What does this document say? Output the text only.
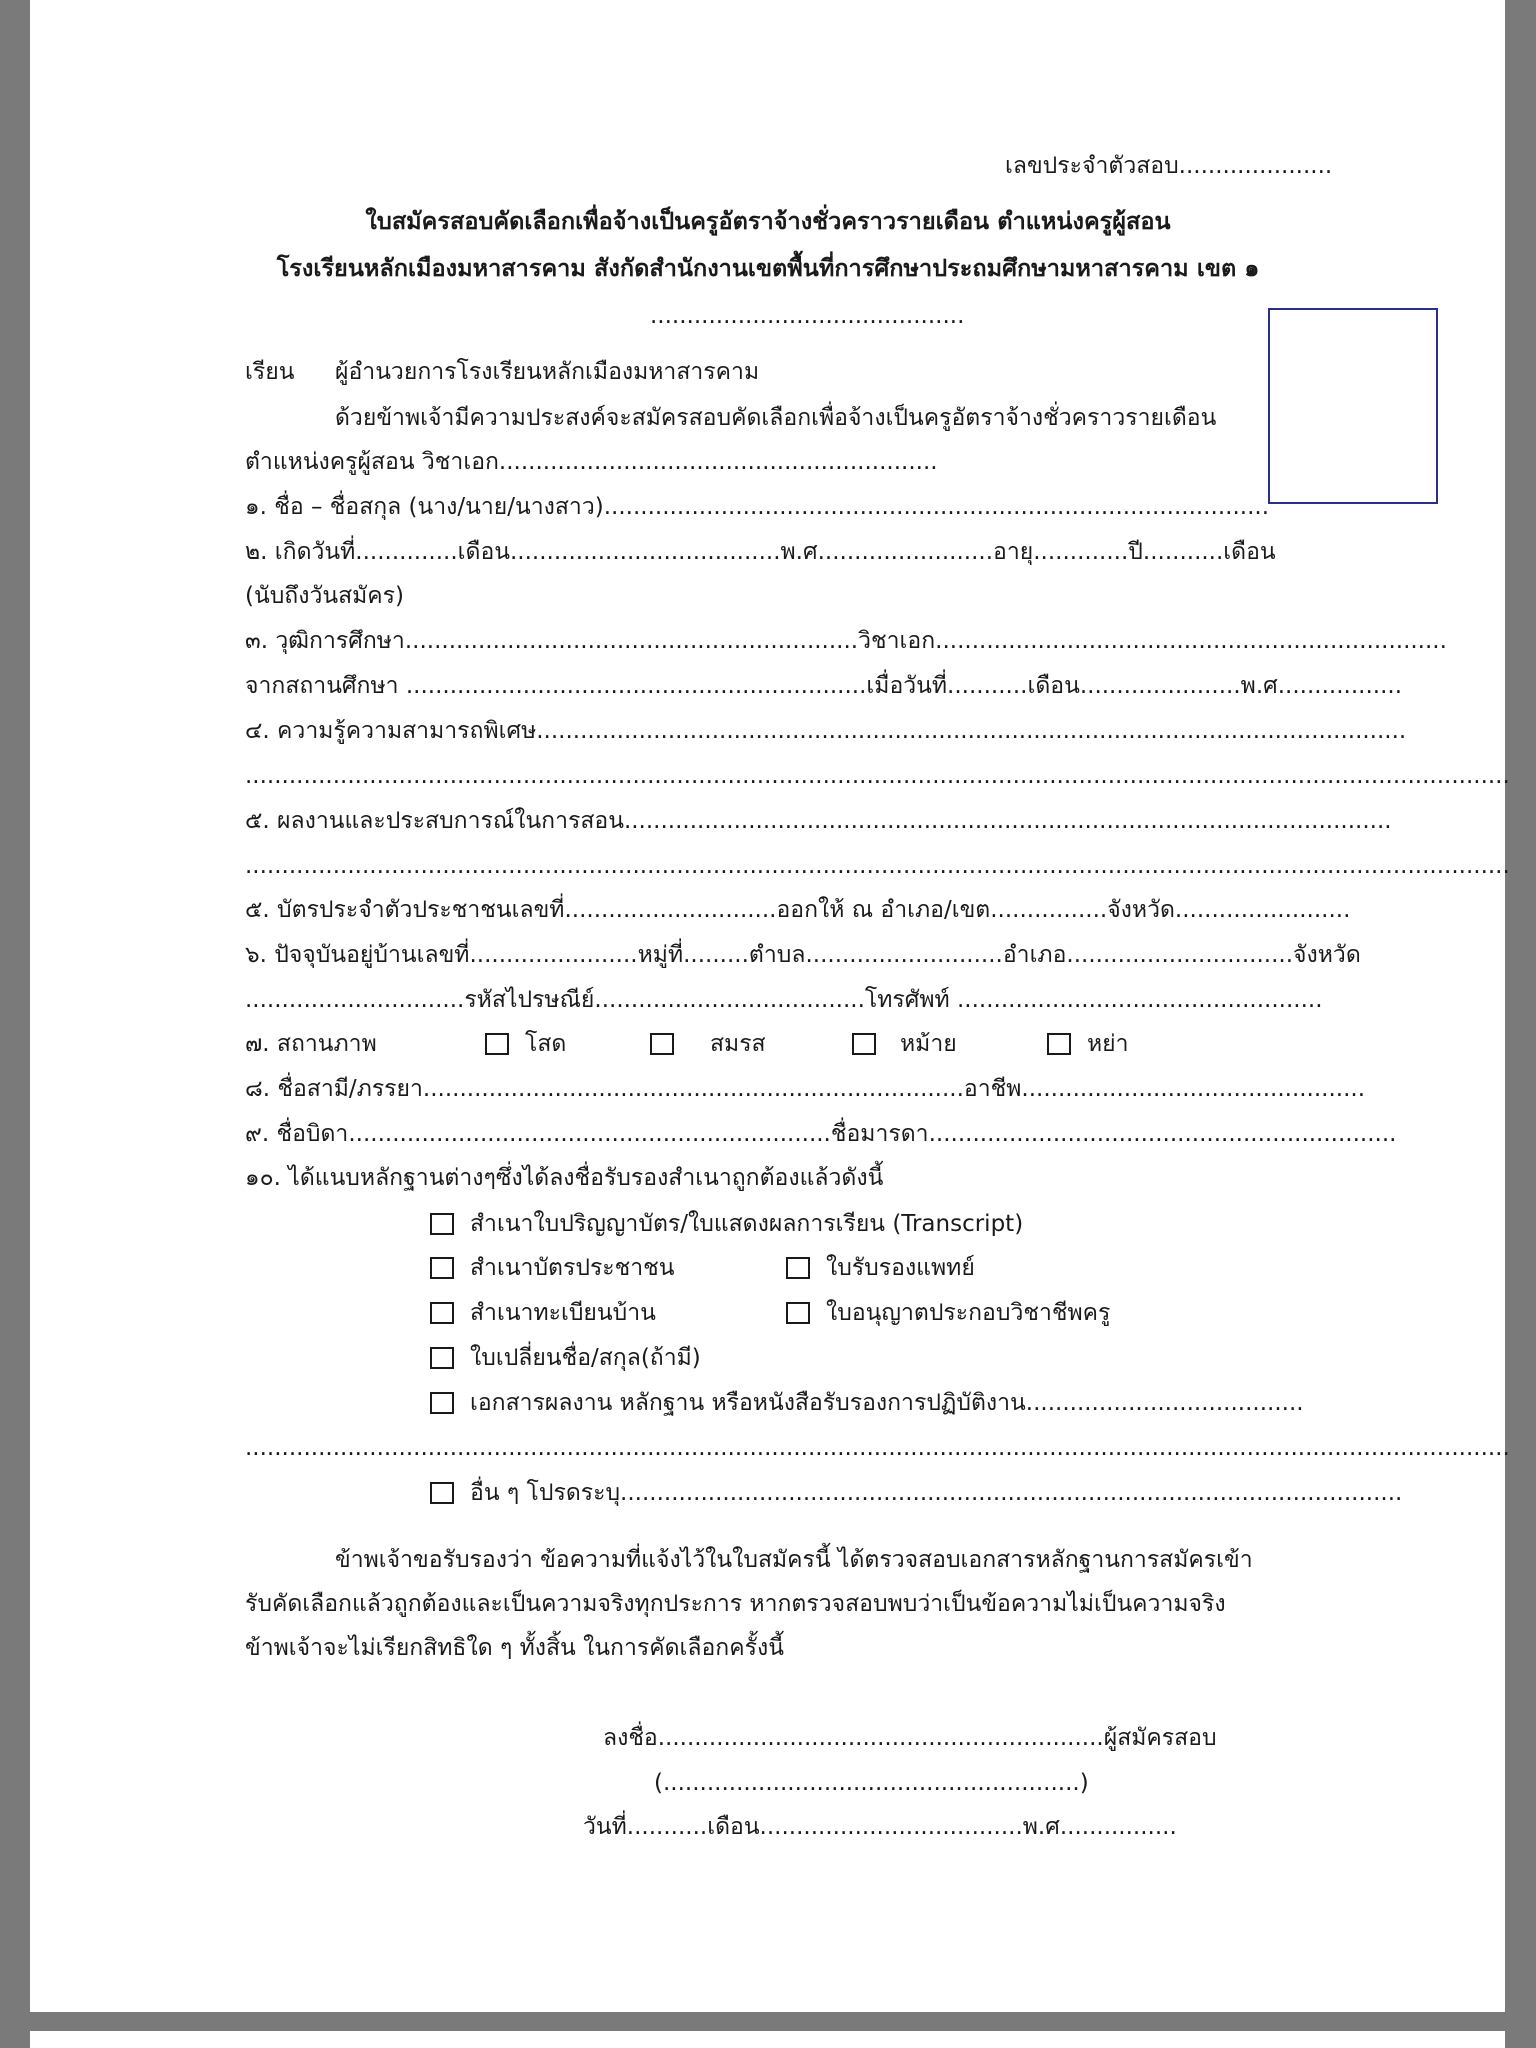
เลขประจำตัวสอบ.....................
ใบสมัครสอบคัดเลือกเพื่อจ้างเป็นครูอัตราจ้างชั่วคราวรายเดือน ตำแหน่งครูผู้สอน
โรงเรียนหลักเมืองมหาสารคาม สังกัดสำนักงานเขตพื้นที่การศึกษาประถมศึกษามหาสารคาม เขต ๑
...........................................
เรียน ผู้อำนวยการโรงเรียนหลักเมืองมหาสารคาม
ด้วยข้าพเจ้ามีความประสงค์จะสมัครสอบคัดเลือกเพื่อจ้างเป็นครูอัตราจ้างชั่วคราวรายเดือน
ตำแหน่งครูผู้สอน วิชาเอก............................................................
๑. ชื่อ – ชื่อสกุล (นาง/นาย/นางสาว)...........................................................................................
๒. เกิดวันที่..............เดือน.....................................พ.ศ........................อายุ.............ปี...........เดือน
(นับถึงวันสมัคร)
๓. วุฒิการศึกษา..............................................................วิชาเอก......................................................................
จากสถานศึกษา ...............................................................เมื่อวันที่...........เดือน......................พ.ศ.................
๔. ความรู้ความสามารถพิเศษ.......................................................................................................................
.............................................................................................................................................................................
๕. ผลงานและประสบการณ์ในการสอน.........................................................................................................
.............................................................................................................................................................................
๕. บัตรประจำตัวประชาชนเลขที่.............................ออกให้ ณ อำเภอ/เขต................จังหวัด........................
๖. ปัจจุบันอยู่บ้านเลขที่.......................หมู่ที่.........ตำบล...........................อำเภอ...............................จังหวัด
..............................รหัสไปรษณีย์.....................................โทรศัพท์ ..................................................
๗. สถานภาพ	โสด	สมรส	หม้าย	หย่า
๘. ชื่อสามี/ภรรยา..........................................................................อาชีพ...............................................
๙. ชื่อบิดา..................................................................ชื่อมารดา................................................................
๑๐. ได้แนบหลักฐานต่างๆซึ่งได้ลงชื่อรับรองสำเนาถูกต้องแล้วดังนี้
สำเนาใบปริญญาบัตร/ใบแสดงผลการเรียน (Transcript)
สำเนาบัตรประชาชน	ใบรับรองแพทย์
สำเนาทะเบียนบ้าน	ใบอนุญาตประกอบวิชาชีพครู
ใบเปลี่ยนชื่อ/สกุล(ถ้ามี)
เอกสารผลงาน หลักฐาน หรือหนังสือรับรองการปฏิบัติงาน......................................
.............................................................................................................................................................................
อื่น ๆ โปรดระบุ...........................................................................................................
ข้าพเจ้าขอรับรองว่า ข้อความที่แจ้งไว้ในใบสมัครนี้ ได้ตรวจสอบเอกสารหลักฐานการสมัครเข้า
รับคัดเลือกแล้วถูกต้องและเป็นความจริงทุกประการ หากตรวจสอบพบว่าเป็นข้อความไม่เป็นความจริง
ข้าพเจ้าจะไม่เรียกสิทธิใด ๆ ทั้งสิ้น ในการคัดเลือกครั้งนี้
ลงชื่อ.............................................................ผู้สมัครสอบ
(.........................................................)
วันที่...........เดือน....................................พ.ศ................
